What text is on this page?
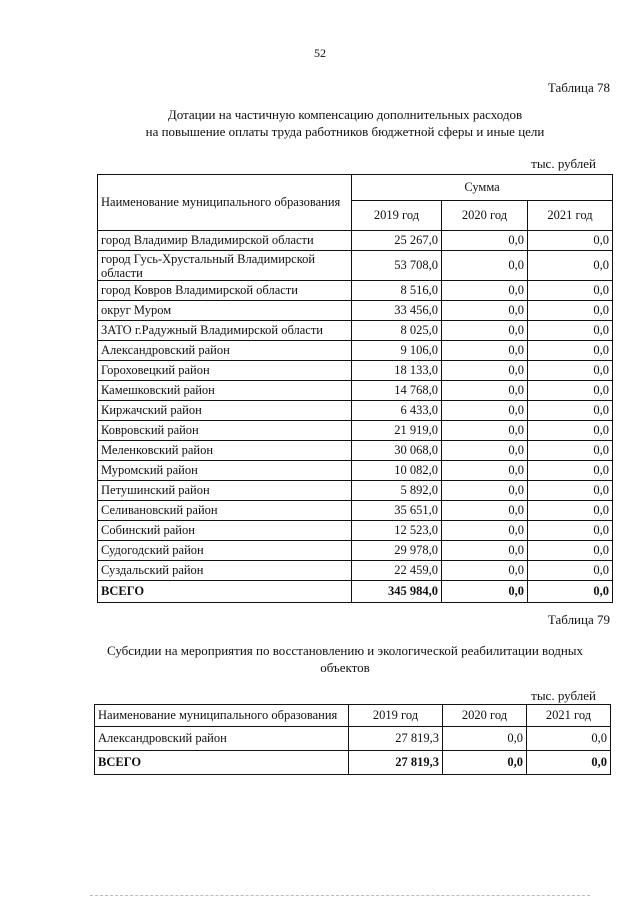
52
Таблица 78
Дотации на частичную компенсацию дополнительных расходов
на повышение оплаты труда работников бюджетной сферы и иные цели
тыс. рублей
Наименование муниципального образования	Сумма		
	2019 год	2020 год	2021 год
город Владимир Владимирской области	25 267,0	0,0	0,0
город Гусь-Хрустальный Владимирской области	53 708,0	0,0	0,0
город Ковров Владимирской области	8 516,0	0,0	0,0
округ Муром	33 456,0	0,0	0,0
ЗАТО г.Радужный Владимирской области	8 025,0	0,0	0,0
Александровский район	9 106,0	0,0	0,0
Гороховецкий район	18 133,0	0,0	0,0
Камешковский район	14 768,0	0,0	0,0
Киржачский район	6 433,0	0,0	0,0
Ковровский район	21 919,0	0,0	0,0
Меленковский район	30 068,0	0,0	0,0
Муромский район	10 082,0	0,0	0,0
Петушинский район	5 892,0	0,0	0,0
Селивановский район	35 651,0	0,0	0,0
Собинский район	12 523,0	0,0	0,0
Судогодский район	29 978,0	0,0	0,0
Суздальский район	22 459,0	0,0	0,0
ВСЕГО	345 984,0	0,0	0,0
Таблица 79
Субсидии на мероприятия по восстановлению и экологической реабилитации водных
объектов
тыс. рублей
Наименование муниципального образования	2019 год	2020 год	2021 год
Александровский район	27 819,3	0,0	0,0
ВСЕГО	27 819,3	0,0	0,0
